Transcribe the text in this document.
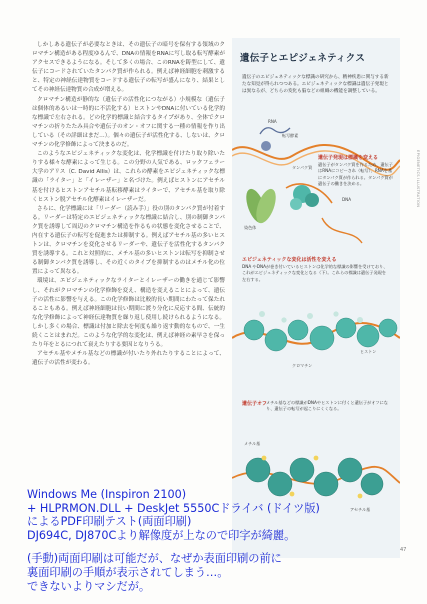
しかしある遺伝子が必要なときは、その遺伝子の暗号を保有する領域のクロマチン構造がある程度ゆるんで、DNAの情報をRNAに写し取る転写酵素がアクセスできるようになる。そして多くの場合、このRNAを鋳型にして、遺伝子にコードされていたタンパク質が作られる。例えば神経細胞を刺激すると、特定の神経伝達物質をコードする遺伝子の転写が盛んになり、結果としてその神経伝達物質の合成が増える。

クロマチン構造が静的な（遺伝子の活性化につながる）小規模な（遺伝子は個体的あるいは一時的に不活化する）ヒストンやDNAに付いている化学的な標識で左右される。どの化学的標識と結合するタイプがあり、全体でクロマチンの折りたたみ具合や遺伝子のオン・オフに関する一種の情報を作り出している（その詳細はまだ…）。個々の遺伝子が活性化する、しないは、クロマチンの化学修飾によって決まるのだ。

このようなエピジェネティックな変化は、化学標識を付けたり取り除いたりする様々な酵素によって生じる。この分野の人気である、ロックフェラー大学のアリス（C. David Allis）は、これらの酵素をエピジェネティックな標識の「ライター」と「イレーザー」と名づけた。例えばヒストンにアセチル基を付けるヒストンアセチル基転移酵素はライターで、アセチル基を取り除くヒストン脱アセチル化酵素はイレーザーだ。

さらに、化学標識には「リーダー（読み手）」役の別のタンパク質が付着する。リーダーは特定のエピジェネティックな標識に結合し、別の制御タンパク質を誘導して周辺のクロマチン構造を作るもの状態を変化させることで、内在する遺伝子の転写を促進または抑制する。例えばアセチル基の多いヒストンは、クロマチンを変化させるリーダーや、遺伝子を活性化するタンパク質を誘導する。これと対照的に、メチル基の多いヒストンは転写を抑制させる制御タンパク質を誘導し、その近くのタイプを抑制するのはメチル化の位置によって異なる。

環境は、エピジェネティックなライターとイレーザーの働きを通じて影響し、それがクロマチンの化学修飾を変え、構造を変えることによって、遺伝子の活性に影響を与える。この化学修飾は比較的長い期間にわたって保たれることもある。例えば神経細胞は長い期間に渡り分化に反応する間、伝統的な化学修飾によって神経伝達物質を繰り返し使用し続けられるようになる。しかし多くの場合、標識は付加と除去を何度も繰り返す動的なもので、一生続くことはまれだ。このような化学的な変化は、例えば神経の素早さを保ったり年をとるにつれて衰えたりする要因となりうる。

アセチル基やメチル基などの標識が付いたり外れたりすることによって、遺伝子の活性が変わる。

遺伝子とエピジェネティクス
遺伝子のエピジェネティックな標識の研究から、精神疾患に関与する新たな知見が得られつつある。エピジェネティックな標識は遺伝子発現とは異なるが、どちらの変化も脳などの組織の機能を調整している。
遺伝子発現は標識を変える
遺伝子がタンパク質を作るため、遺伝子はRNAにコピーされ（転写）、RNAを基にタンパク質が作られる。タンパク質が遺伝子の働きを決める。
エピジェネティックな変化は活性を変える
DNA やDNAが巻き付いているヒストンは化学的な標識の影響を受けており、これがエピジェネティックな変化となる（下）。これらの標識は遺伝子発現を左右する。
遺伝子オフ メチル基などの標識がDNAやヒストンに付くと遺伝子がオフになり、遺伝子の転写が起こりにくくなる。
RNA
転写酵素
タンパク質
DNA
染色体
ヒストン
クロマチン
メチル基
アセチル基
EPIGENETICS ILLUSTRATION
47
Windows Me (Inspiron 2100)
+ HLPRMON.DLL + DeskJet 5550Cドライバ (ドイツ版)
によるPDF印刷テスト(両面印刷)
DJ694C, DJ870Cより解像度が上なので印字が綺麗。
(手動)両面印刷は可能だが、なぜか表面印刷の前に
裏面印刷の手順が表示されてしまう…。
できないよりマシだが。
